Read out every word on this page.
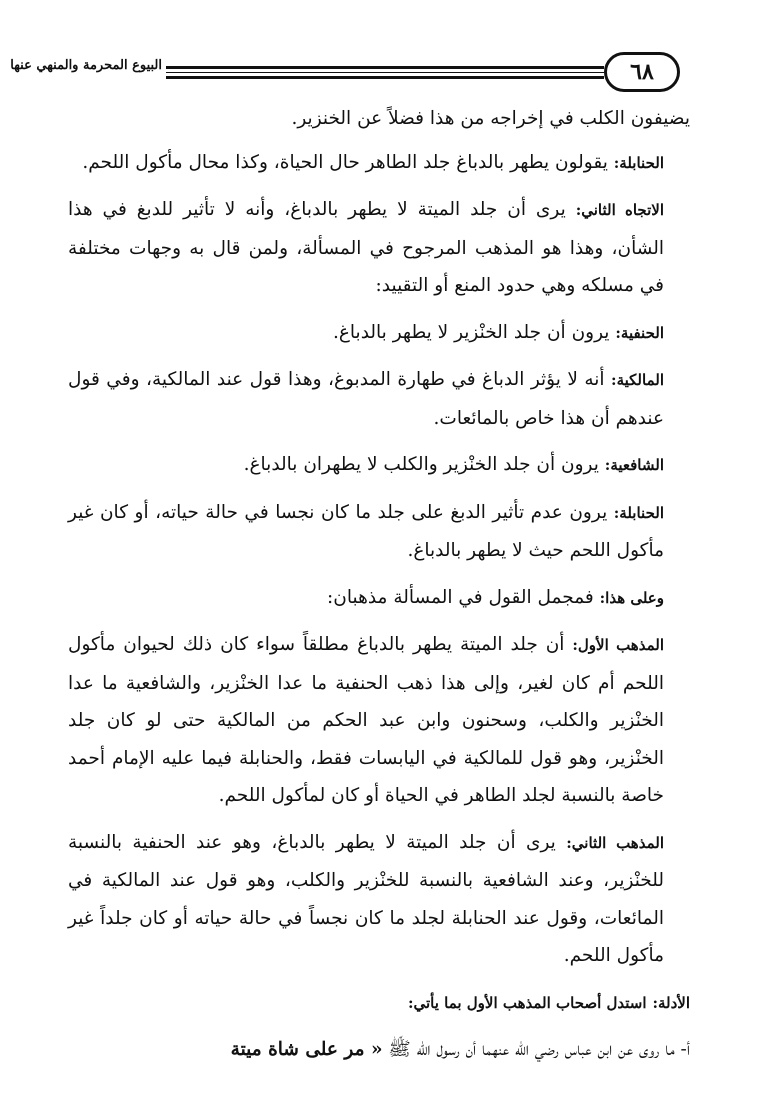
٦٨
البيوع المحرمة والمنهي عنها

يضيفون الكلب في إخراجه من هذا فضلاً عن الخنزير.

الحنابلة: يقولون يطهر بالدباغ جلد الطاهر حال الحياة، وكذا محال مأكول اللحم.

الاتجاه الثاني: يرى أن جلد الميتة لا يطهر بالدباغ، وأنه لا تأثير للدبغ في هذا الشأن، وهذا هو المذهب المرجوح في المسألة، ولمن قال به وجهات مختلفة في مسلكه وهي حدود المنع أو التقييد:

الحنفية: يرون أن جلد الخنْزير لا يطهر بالدباغ.

المالكية: أنه لا يؤثر الدباغ في طهارة المدبوغ، وهذا قول عند المالكية، وفي قول عندهم أن هذا خاص بالمائعات.

الشافعية: يرون أن جلد الخنْزير والكلب لا يطهران بالدباغ.

الحنابلة: يرون عدم تأثير الدبغ على جلد ما كان نجسا في حالة حياته، أو كان غير مأكول اللحم حيث لا يطهر بالدباغ.

وعلى هذا: فمجمل القول في المسألة مذهبان:

المذهب الأول: أن جلد الميتة يطهر بالدباغ مطلقاً سواء كان ذلك لحيوان مأكول اللحم أم كان لغير، وإلى هذا ذهب الحنفية ما عدا الخنْزير، والشافعية ما عدا الخنْزير والكلب، وسحنون وابن عبد الحكم من المالكية حتى لو كان جلد الخنْزير، وهو قول للمالكية في اليابسات فقط، والحنابلة فيما عليه الإمام أحمد خاصة بالنسبة لجلد الطاهر في الحياة أو كان لمأكول اللحم.

المذهب الثاني: يرى أن جلد الميتة لا يطهر بالدباغ، وهو عند الحنفية بالنسبة للخنْزير، وعند الشافعية بالنسبة للخنْزير والكلب، وهو قول عند المالكية في المائعات، وقول عند الحنابلة لجلد ما كان نجساً في حالة حياته أو كان جلداً غير مأكول اللحم.

الأدلة: استدل أصحاب المذهب الأول بما يأتي:

أ- ما روى عن ابن عباس رضي الله عنهما أن رسول الله ﷺ « مر على شاة ميتة
